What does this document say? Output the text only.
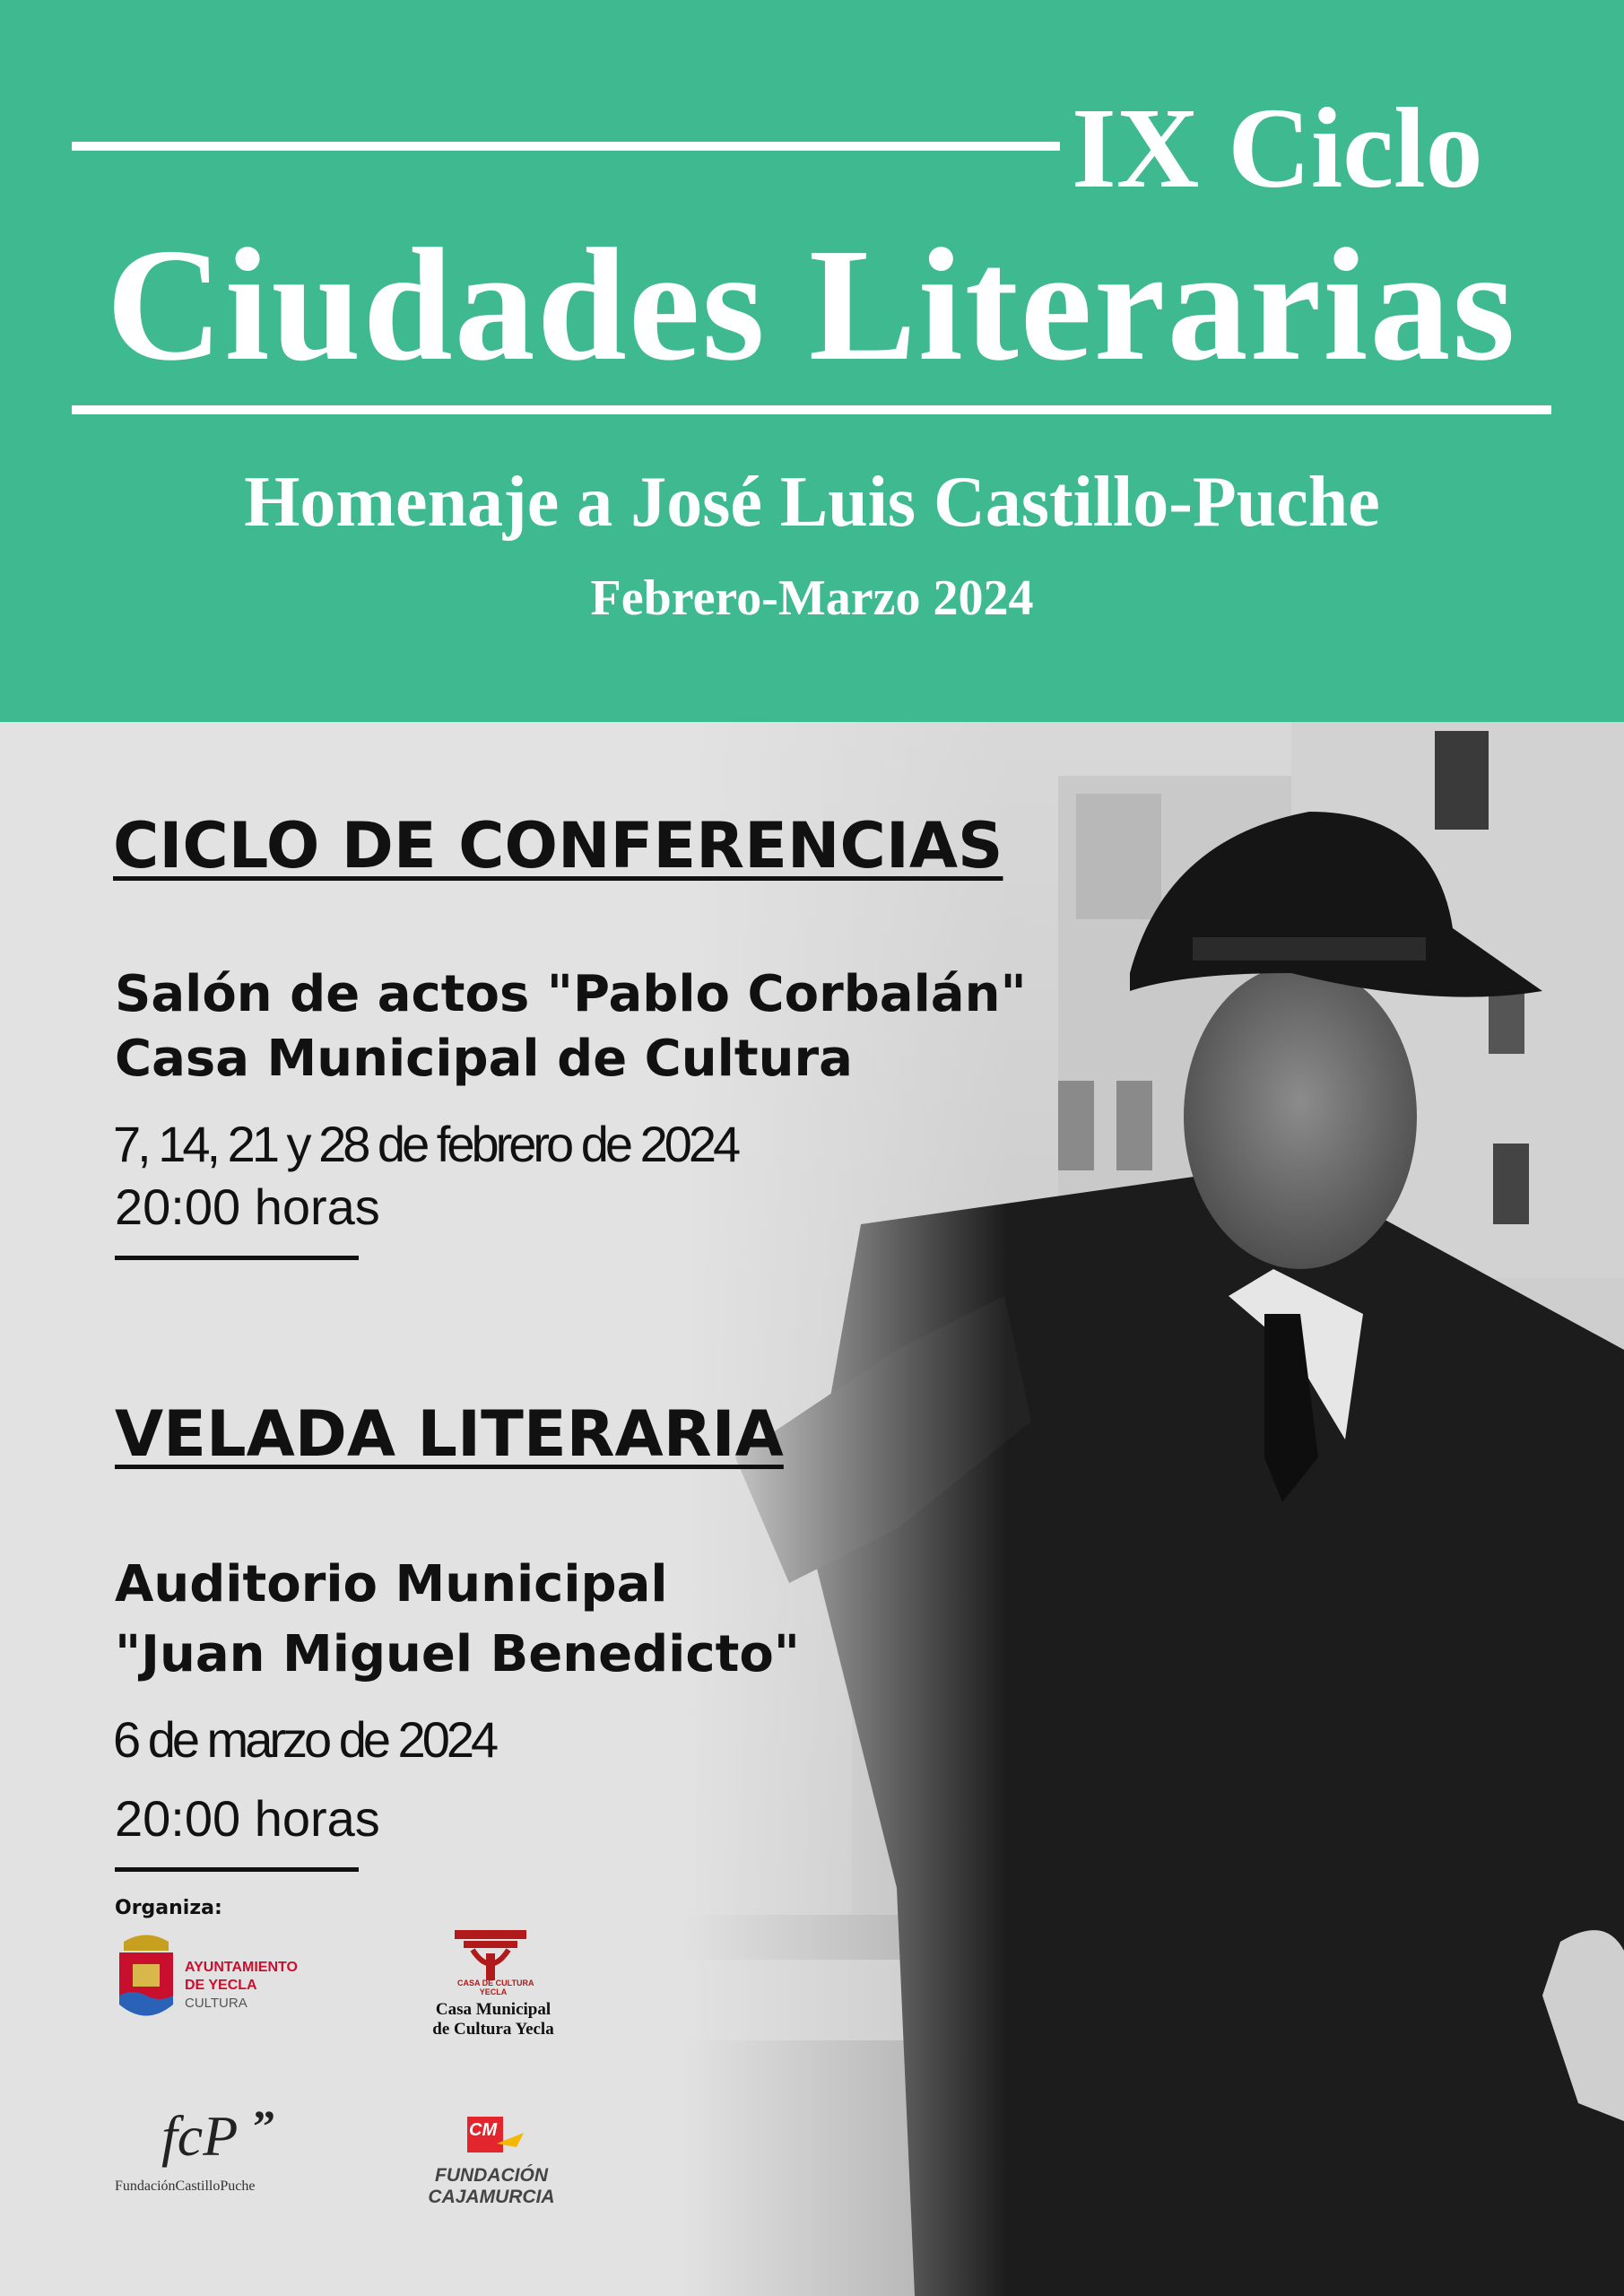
IX Ciclo
Ciudades Literarias
Homenaje a José Luis Castillo-Puche
Febrero-Marzo 2024
CICLO DE CONFERENCIAS
Salón de actos "Pablo Corbalán"
Casa Municipal de Cultura
7, 14, 21 y 28 de febrero de 2024
20:00 horas
VELADA LITERARIA
Auditorio Municipal
"Juan Miguel Benedicto"
6 de marzo de 2024
20:00 horas
Organiza:
AYUNTAMIENTO
DE YECLA
CULTURA
CASA DE CULTURA
YECLA
Casa Municipal
de Cultura Yecla
fcP ”
FundaciónCastilloPuche
CM
FUNDACIÓN
CAJAMURCIA
